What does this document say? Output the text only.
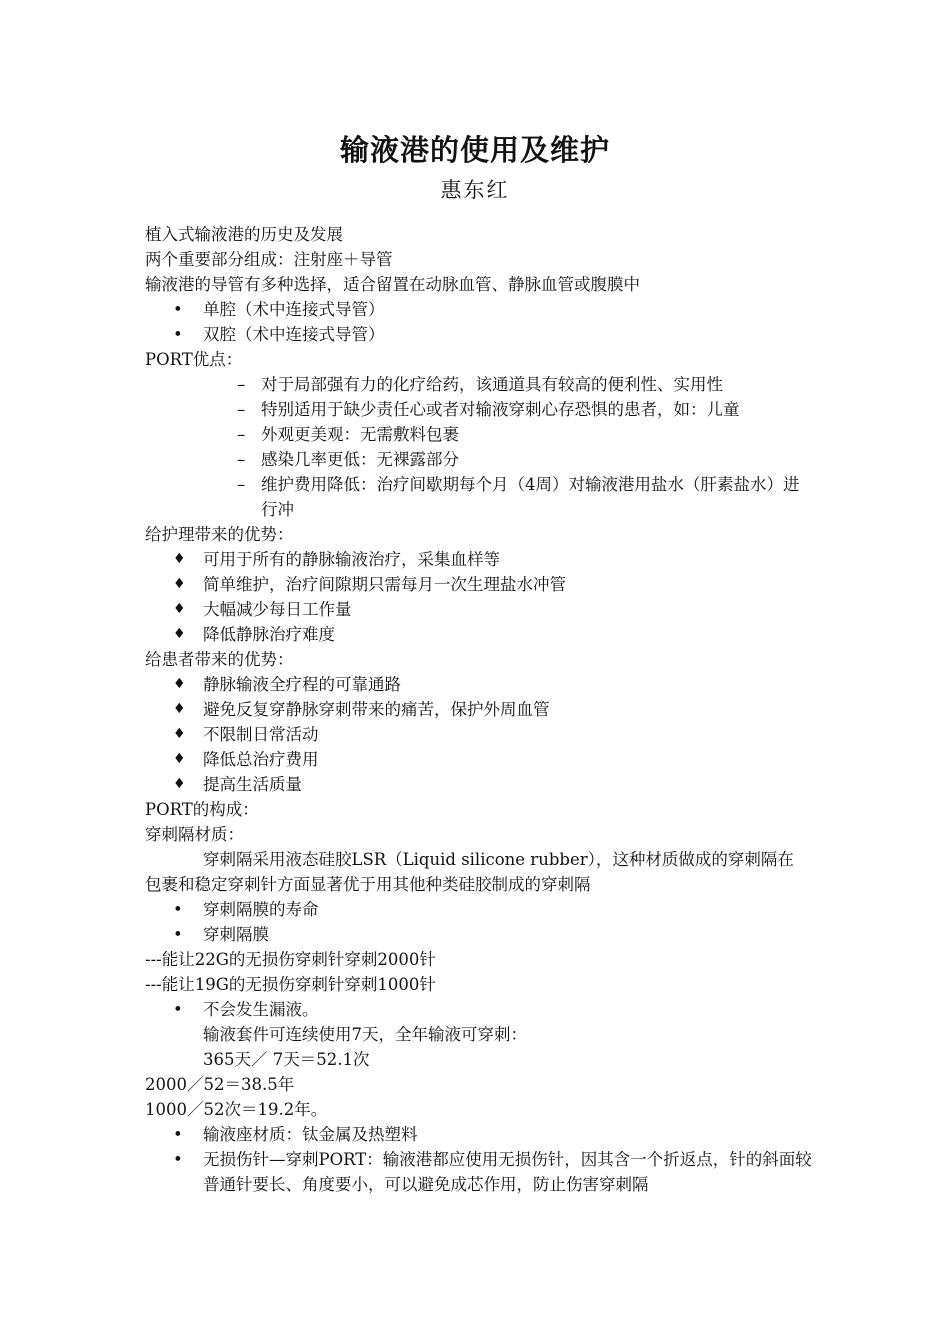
输液港的使用及维护
惠东红
植入式输液港的历史及发展
两个重要部分组成：注射座＋导管
输液港的导管有多种选择，适合留置在动脉血管、静脉血管或腹膜中
•	单腔（术中连接式导管）
•	双腔（术中连接式导管）
PORT优点：
– 对于局部强有力的化疗给药，该通道具有较高的便利性、实用性
– 特别适用于缺少责任心或者对输液穿刺心存恐惧的患者，如：儿童
– 外观更美观：无需敷料包裹
– 感染几率更低：无裸露部分
– 维护费用降低：治疗间歇期每个月（4周）对输液港用盐水（肝素盐水）进行冲
给护理带来的优势：
♦	可用于所有的静脉输液治疗，采集血样等
♦	简单维护，治疗间隙期只需每月一次生理盐水冲管
♦	大幅减少每日工作量
♦	降低静脉治疗难度
给患者带来的优势：
♦	静脉输液全疗程的可靠通路
♦	避免反复穿静脉穿刺带来的痛苦，保护外周血管
♦	不限制日常活动
♦	降低总治疗费用
♦	提高生活质量
PORT的构成：
穿刺隔材质：
穿刺隔采用液态硅胶LSR（Liquid silicone rubber），这种材质做成的穿刺隔在
包裹和稳定穿刺针方面显著优于用其他种类硅胶制成的穿刺隔
•	穿刺隔膜的寿命
•	穿刺隔膜
---能让22G的无损伤穿刺针穿刺2000针
---能让19G的无损伤穿刺针穿刺1000针
•	不会发生漏液。
输液套件可连续使用7天，全年输液可穿刺：
365天／ 7天＝52.1次
2000／52＝38.5年
1000／52次＝19.2年。
•	输液座材质：钛金属及热塑料
•	无损伤针—穿刺PORT：输液港都应使用无损伤针，因其含一个折返点，针的斜面较普通针要长、角度要小，可以避免成芯作用，防止伤害穿刺隔
